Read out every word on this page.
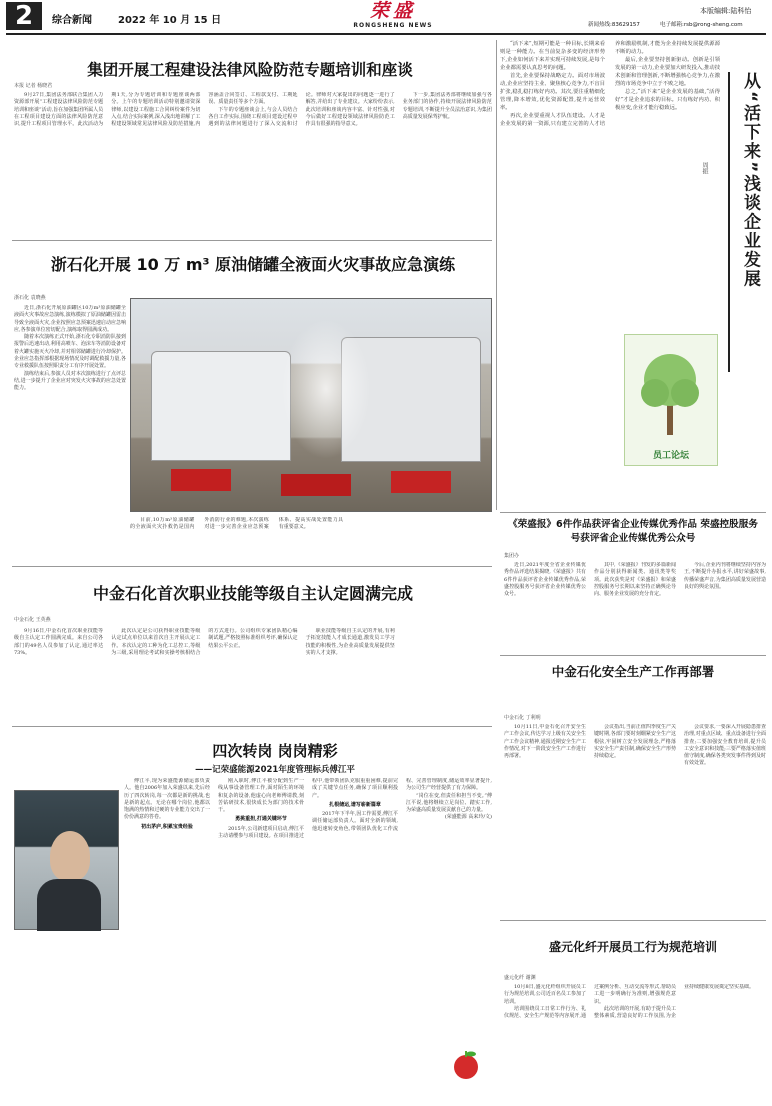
2	综合新闻	2022 年 10 月 15 日	荣盛
RONGSHENG NEWS
本版编辑:陆科怡
新闻热线:83629157	电子邮箱:rsb@rong-sheng.com
集团开展工程建设法律风险防范专题培训和座谈
本报 记者 杨晓君

9月27日,集团法务部联合集团人力资源部开展“工程建设法律风险防范专题培训和座谈”活动,旨在加强集团所属人员在工程项目建设方面的法律风险防范意识,提升工程项目管理水平。此次活动为期1天,分为专题培训和专题座谈两部分。上午的专题培训活动特别邀请资深律师,以建设工程施工合同纠纷案件为切入点,结合实际案例,深入浅出地讲解了工程建设领域常见法律风险及防范措施,内容涵盖合同签订、工程款支付、工期延误、质量责任等多个方面。

下午的专题座谈会上,与会人员结合各自工作实际,围绕工程项目建设过程中遇到的法律问题进行了深入交流和讨论。律师对大家提出的问题逐一进行了解答,并给出了专业建议。大家纷纷表示,此次培训和座谈内容丰富、针对性强,对今后做好工程建设领域法律风险防范工作具有很强的指导意义。

下一步,集团法务部将继续加强与各业务部门的协作,持续开展法律风险防范专题培训,不断提升全员法治意识,为集团高质量发展保驾护航。

浙石化开展 10 万 m³ 原油储罐全液面火灾事故应急演练
浙石化 袁晓燕

近日,浙石化开展原油罐区10万m³原油储罐全液面火灾事故应急演练,演练模拟了原油储罐因雷击导致全液面火灾,企业按照应急预案迅速启动应急响应,各参演单位密切配合,演练取得圆满成功。

随着本次演练正式开始,浙石化专职消防队接到报警后迅速出动,利用高喷车、泡沫车等消防设备对着火罐实施灭火冷却,并对相邻储罐进行冷却保护。企业应急指挥部根据现场情况及时调配救援力量,各专业救援队伍按照职责分工有序开展处置。

演练结束后,参演人员对本次演练进行了点评总结,进一步提升了企业应对突发火灾事故的应急处置能力。

目前,10万m³原油储罐的全液面火灾扑救仍是国内外消防行业的难题,本次演练对进一步完善企业应急预案体系、提高实战处置能力具有重要意义。

中金石化首次职业技能等级自主认定圆满完成
中金石化 王英燕

9月16日,中金石化首次职业技能等级自主认定工作圆满完成。来自公司各部门的49名人员参加了认定,通过率达73%。

此次认定是公司获得职业技能等级认定试点单位以来首次自主开展认定工作。本次认定的工种为化工总控工,等级为三级,采用理论考试和实操考核相结合的方式进行。公司组织专家团队精心编制试题,严格按照标准组织考评,确保认定结果公平公正。

职业技能等级自主认定的开展,有利于拓宽技能人才成长通道,激发员工学习技能的积极性,为企业高质量发展提供坚实的人才支撑。

四次转岗 岗岗精彩
——记荣盛能源2021年度管理标兵傅江平

傅江平,现为荣盛能源储运部负责人。他自2006年加入荣盛以来,先后经历了四次转岗,每一次都是新的挑战,也是新的起点。无论在哪个岗位,他都以饱满的热情和过硬的专业能力交出了一份份满意的答卷。

初出茅庐,积累宝贵经验

刚入职时,傅江平被分配到生产一线从事设备管理工作,面对陌生的环境和复杂的设备,他虚心向老师傅请教,刻苦钻研技术,很快成长为部门的技术骨干。

勇挑重担,打通关键环节

2015年,公司新建项目启动,傅江平主动请缨参与项目建设。在项目推进过程中,他带领团队克服重重困难,提前完成了关键节点任务,确保了项目顺利投产。

扎根储运,谱写崭新篇章

2017年下半年,因工作需要,傅江平调任储运部负责人。面对全新的领域,他迅速转变角色,带领团队优化工作流程、完善管理制度,储运效率显著提升,为公司生产经营提供了有力保障。

“岗位在变,但责任和担当不变。”傅江平说,他将继续立足岗位、踏实工作,为荣盛高质量发展贡献自己的力量。

(荣盛能源 高来玲/文)

“活下来”,短期可能是一种目标,长期来看则是一种能力。在当前复杂多变的经济形势下,企业如何活下来并实现可持续发展,是每个企业都需要认真思考的问题。

首先,企业要保持战略定力。面对市场波动,企业应坚持主业、聚焦核心竞争力,不盲目扩张,稳扎稳打练好内功。其次,要注重精细化管理,降本增效,优化资源配置,提升运营效率。

再次,企业要重视人才队伍建设。人才是企业发展的第一资源,只有建立完善的人才培养和激励机制,才能为企业持续发展提供源源不断的动力。

最后,企业要坚持创新驱动。创新是引领发展的第一动力,企业要加大研发投入,推动技术创新和管理创新,不断增强核心竞争力,在激烈的市场竞争中立于不败之地。

总之,“活下来”是企业发展的基础,“活得好”才是企业追求的目标。只有练好内功、积极应变,企业才能行稳致远。	从“活下来”浅谈企业发展
周振
员工论坛
《荣盛报》6件作品获评省企业传媒优秀作品 荣盛控股服务号获评省企业传媒优秀公众号
集团办

近日,2021年度全省企业传媒优秀作品评选结果揭晓,《荣盛报》共有6件作品获评省企业传媒优秀作品,荣盛控股服务号获评省企业传媒优秀公众号。

其中,《荣盛报》刊发的多篇新闻作品分别获得新闻类、通讯类等奖项。此次获奖是对《荣盛报》和荣盛控股服务号长期以来坚持正确舆论导向、服务企业发展的充分肯定。

今后,企业内刊将继续坚持内容为王,不断提升办报水平,讲好荣盛故事,传播荣盛声音,为集团高质量发展营造良好的舆论氛围。

中金石化安全生产工作再部署
中金石化 丁利明

10月11日,中金石化召开安全生产工作会议,传达学习上级有关安全生产工作会议精神,通报近期安全生产工作情况,对下一阶段安全生产工作进行再部署。

会议指出,当前正值四季度生产关键时期,各部门要时刻绷紧安全生产这根弦,牢固树立安全发展理念,严格落实安全生产责任制,确保安全生产形势持续稳定。

会议要求,一要深入开展隐患排查治理,对重点区域、重点设备进行全面排查;二要加强安全教育培训,提升员工安全意识和技能;三要严格落实值班值守制度,确保各类突发事件得到及时有效处置。

盛元化纤开展员工行为规范培训
盛元化纤 谢渊

10月8日,盛元化纤组织开展员工行为规范培训,公司近百名员工参加了培训。

培训围绕员工日常工作行为、礼仪规范、安全生产规范等内容展开,通过案例分析、互动交流等形式,帮助员工进一步明确行为准则,增强规范意识。

此次培训的开展,有助于提升员工整体素质,营造良好的工作氛围,为企业持续健康发展奠定坚实基础。
